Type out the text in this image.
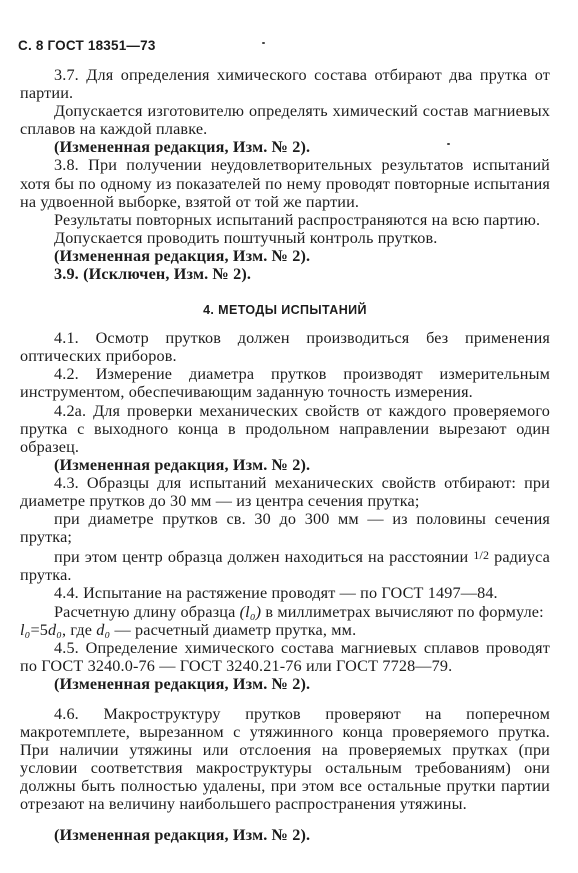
С. 8 ГОСТ 18351—73

3.7. Для определения химического состава отбирают два прутка от партии.

Допускается изготовителю определять химический состав магниевых сплавов на каждой плавке.

(Измененная редакция, Изм. № 2).

3.8. При получении неудовлетворительных результатов испытаний хотя бы по одному из показателей по нему проводят повторные испытания на удвоенной выборке, взятой от той же партии.

Результаты повторных испытаний распространяются на всю партию.

Допускается проводить поштучный контроль прутков.

(Измененная редакция, Изм. № 2).

3.9. (Исключен, Изм. № 2).

4. МЕТОДЫ ИСПЫТАНИЙ

4.1. Осмотр прутков должен производиться без применения оптических приборов.

4.2. Измерение диаметра прутков производят измерительным инструментом, обеспечивающим заданную точность измерения.

4.2а. Для проверки механических свойств от каждого проверяемого прутка с выходного конца в продольном направлении вырезают один образец.

(Измененная редакция, Изм. № 2).

4.3. Образцы для испытаний механических свойств отбирают: при диаметре прутков до 30 мм — из центра сечения прутка;

при диаметре прутков св. 30 до 300 мм — из половины сечения прутка;

при этом центр образца должен находиться на расстоянии 1/2 радиуса прутка.

4.4. Испытание на растяжение проводят — по ГОСТ 1497—84.

Расчетную длину образца (l₀) в миллиметрах вычисляют по формуле:

l₀=5d₀, где d₀ — расчетный диаметр прутка, мм.

4.5. Определение химического состава магниевых сплавов проводят по ГОСТ 3240.0-76 — ГОСТ 3240.21-76 или ГОСТ 7728—79.

(Измененная редакция, Изм. № 2).

4.6. Макроструктуру прутков проверяют на поперечном макротемплете, вырезанном с утяжинного конца проверяемого прутка. При наличии утяжины или отслоения на проверяемых прутках (при условии соответствия макроструктуры остальным требованиям) они должны быть полностью удалены, при этом все остальные прутки партии отрезают на величину наибольшего распространения утяжины.

(Измененная редакция, Изм. № 2).
